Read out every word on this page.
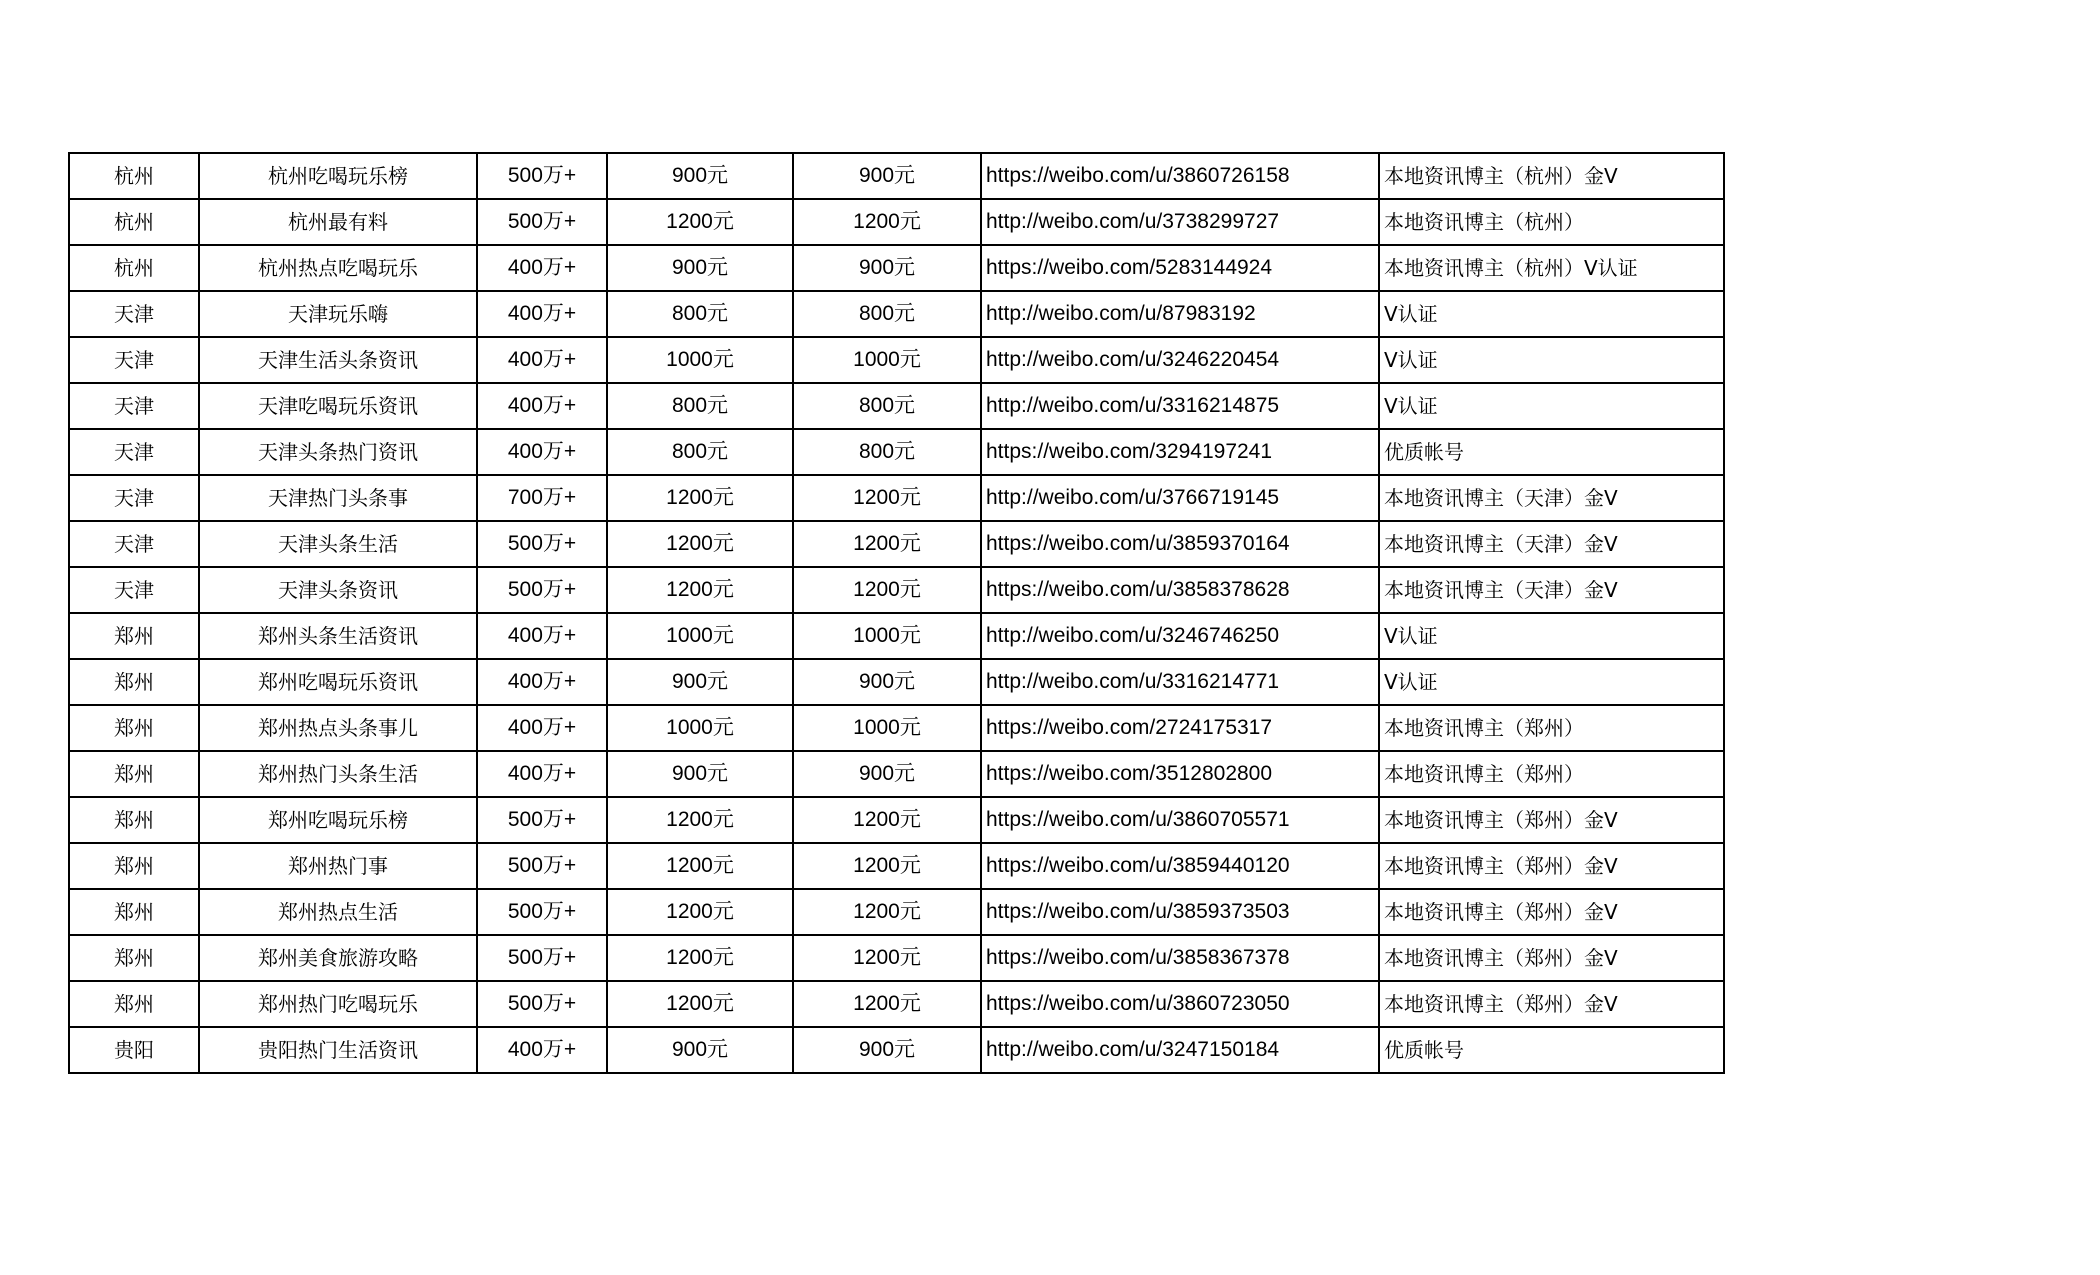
杭州	杭州吃喝玩乐榜	500万+	900元	900元	https://weibo.com/u/3860726158	本地资讯博主（杭州）金V
杭州	杭州最有料	500万+	1200元	1200元	http://weibo.com/u/3738299727	本地资讯博主（杭州）
杭州	杭州热点吃喝玩乐	400万+	900元	900元	https://weibo.com/5283144924	本地资讯博主（杭州）V认证
天津	天津玩乐嗨	400万+	800元	800元	http://weibo.com/u/87983192	V认证
天津	天津生活头条资讯	400万+	1000元	1000元	http://weibo.com/u/3246220454	V认证
天津	天津吃喝玩乐资讯	400万+	800元	800元	http://weibo.com/u/3316214875	V认证
天津	天津头条热门资讯	400万+	800元	800元	https://weibo.com/3294197241	优质帐号
天津	天津热门头条事	700万+	1200元	1200元	http://weibo.com/u/3766719145	本地资讯博主（天津）金V
天津	天津头条生活	500万+	1200元	1200元	https://weibo.com/u/3859370164	本地资讯博主（天津）金V
天津	天津头条资讯	500万+	1200元	1200元	https://weibo.com/u/3858378628	本地资讯博主（天津）金V
郑州	郑州头条生活资讯	400万+	1000元	1000元	http://weibo.com/u/3246746250	V认证
郑州	郑州吃喝玩乐资讯	400万+	900元	900元	http://weibo.com/u/3316214771	V认证
郑州	郑州热点头条事儿	400万+	1000元	1000元	https://weibo.com/2724175317	本地资讯博主（郑州）
郑州	郑州热门头条生活	400万+	900元	900元	https://weibo.com/3512802800	本地资讯博主（郑州）
郑州	郑州吃喝玩乐榜	500万+	1200元	1200元	https://weibo.com/u/3860705571	本地资讯博主（郑州）金V
郑州	郑州热门事	500万+	1200元	1200元	https://weibo.com/u/3859440120	本地资讯博主（郑州）金V
郑州	郑州热点生活	500万+	1200元	1200元	https://weibo.com/u/3859373503	本地资讯博主（郑州）金V
郑州	郑州美食旅游攻略	500万+	1200元	1200元	https://weibo.com/u/3858367378	本地资讯博主（郑州）金V
郑州	郑州热门吃喝玩乐	500万+	1200元	1200元	https://weibo.com/u/3860723050	本地资讯博主（郑州）金V
贵阳	贵阳热门生活资讯	400万+	900元	900元	http://weibo.com/u/3247150184	优质帐号
